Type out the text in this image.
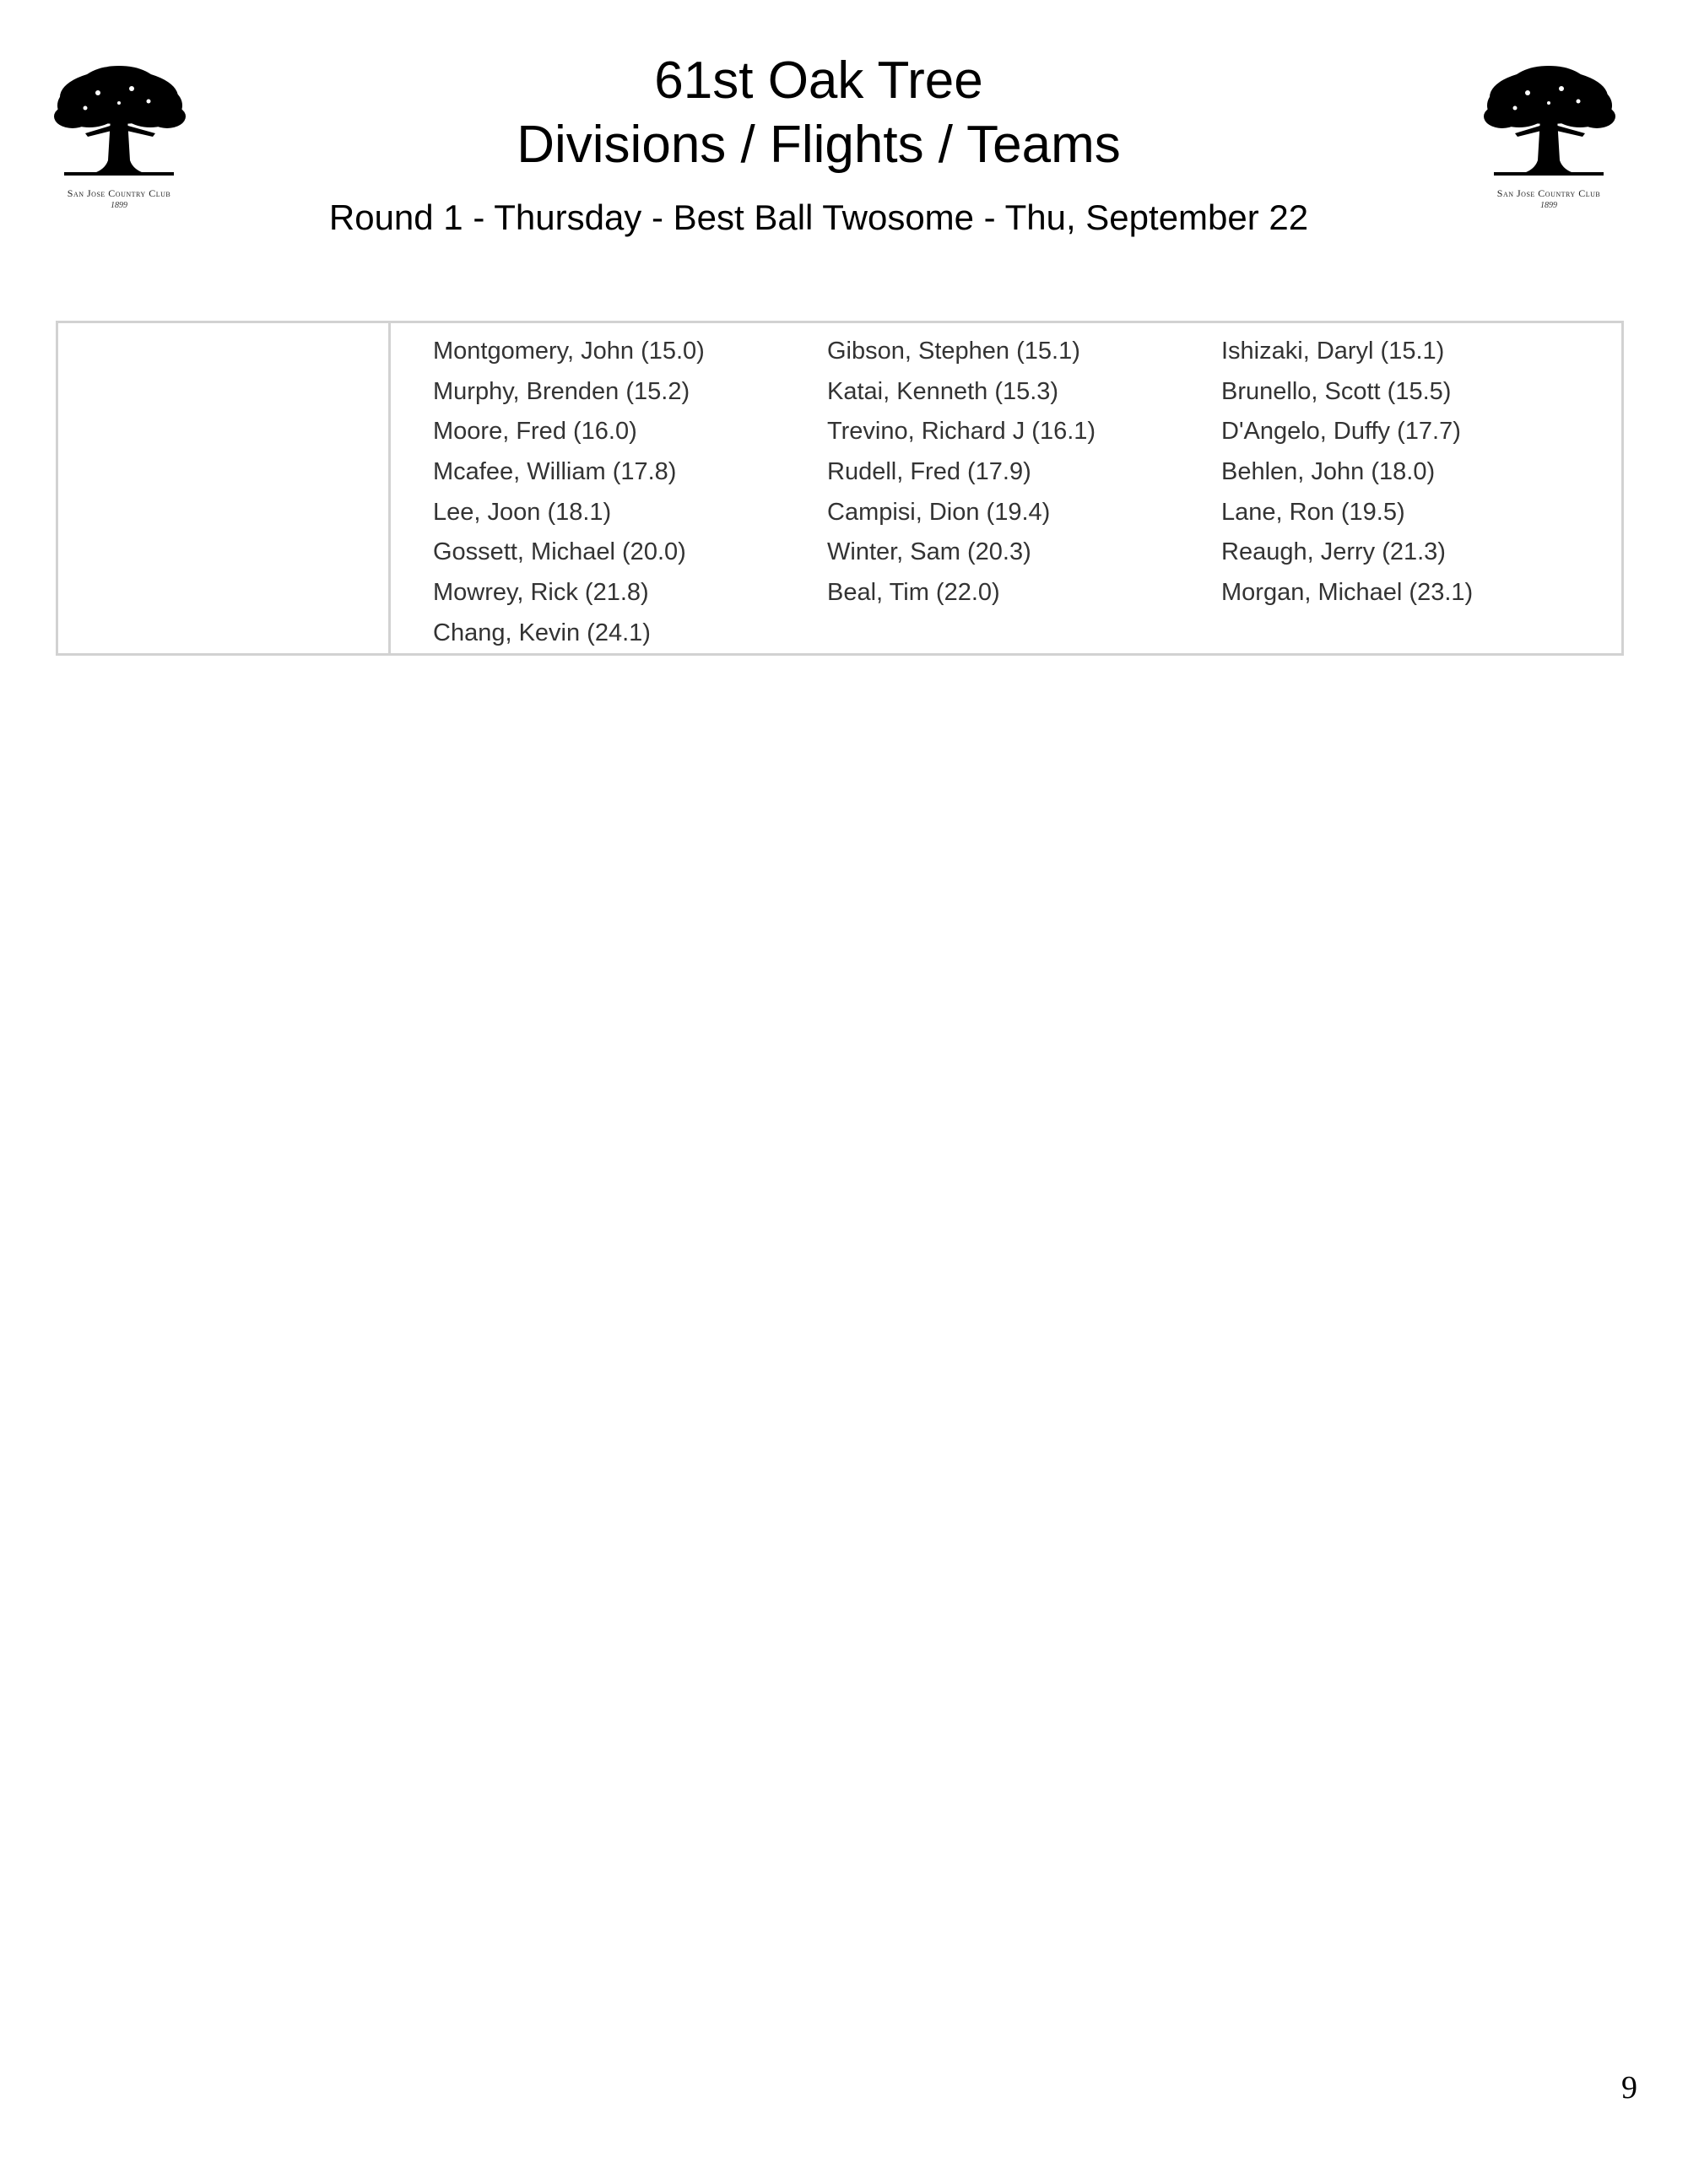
San Jose Country Club
1899
San Jose Country Club
1899
61st Oak Tree
Divisions / Flights / Teams
Round 1 - Thursday - Best Ball Twosome - Thu, September 22
Montgomery, John (15.0)	Gibson, Stephen (15.1)	Ishizaki, Daryl (15.1)
Murphy, Brenden (15.2)	Katai, Kenneth (15.3)	Brunello, Scott (15.5)
Moore, Fred (16.0)	Trevino, Richard J (16.1)	D'Angelo, Duffy (17.7)
Mcafee, William (17.8)	Rudell, Fred (17.9)	Behlen, John (18.0)
Lee, Joon (18.1)	Campisi, Dion (19.4)	Lane, Ron (19.5)
Gossett, Michael (20.0)	Winter, Sam (20.3)	Reaugh, Jerry (21.3)
Mowrey, Rick (21.8)	Beal, Tim (22.0)	Morgan, Michael (23.1)
Chang, Kevin (24.1)
9
